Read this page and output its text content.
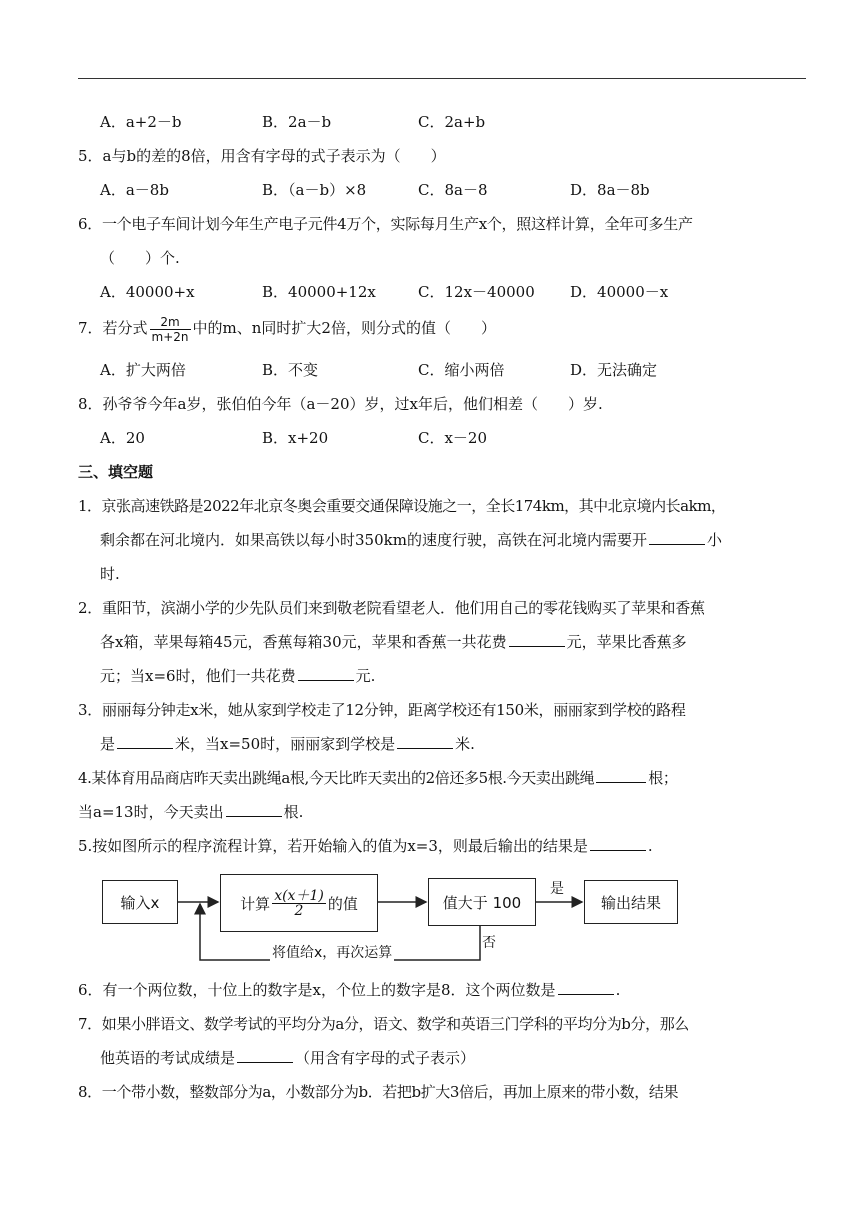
A．a+2－b	B．2a－b	C．2a+b
5．a与b的差的8倍，用含有字母的式子表示为（　　）
A．a－8b	B．（a－b）×8	C．8a－8	D．8a－8b
6．一个电子车间计划今年生产电子元件4万个，实际每月生产x个，照这样计算，全年可多生产
（　　）个.
A．40000+x	B．40000+12x	C．12x－40000 D．40000－x
7．若分式 $\frac{2m}{m+2n}$ 中的m、n同时扩大2倍，则分式的值（　　）
A．扩大两倍	B．不变	C．缩小两倍	D．无法确定
8．孙爷爷今年a岁，张伯伯今年（a－20）岁，过x年后，他们相差（　　）岁.
A．20	B．x+20	C．x－20
三、填空题
1．京张高速铁路是2022年北京冬奥会重要交通保障设施之一，全长174km，其中北京境内长akm，
剩余都在河北境内．如果高铁以每小时350km的速度行驶，高铁在河北境内需要开	小
时.
2．重阳节，滨湖小学的少先队员们来到敬老院看望老人．他们用自己的零花钱购买了苹果和香蕉
各x箱，苹果每箱45元，香蕉每箱30元，苹果和香蕉一共花费	元，苹果比香蕉多
元；当x=6时，他们一共花费	元.
3．丽丽每分钟走x米，她从家到学校走了12分钟，距离学校还有150米，丽丽家到学校的路程
是	米，当x=50时，丽丽家到学校是	米.
4.某体育用品商店昨天卖出跳绳a根,今天比昨天卖出的2倍还多5根.今天卖出跳绳	根；
当a=13时，今天卖出	根.
5.按如图所示的程序流程计算，若开始输入的值为x=3，则最后输出的结果是	.
输入x	计算 $\frac{x(x+1)}{2}$ 的值	值大于 100	输出结果
是
否
将值给x，再次运算
6．有一个两位数，十位上的数字是x，个位上的数字是8．这个两位数是	.
7．如果小胖语文、数学考试的平均分为a分，语文、数学和英语三门学科的平均分为b分，那么
他英语的考试成绩是	（用含有字母的式子表示）
8．一个带小数，整数部分为a，小数部分为b．若把b扩大3倍后，再加上原来的带小数，结果
